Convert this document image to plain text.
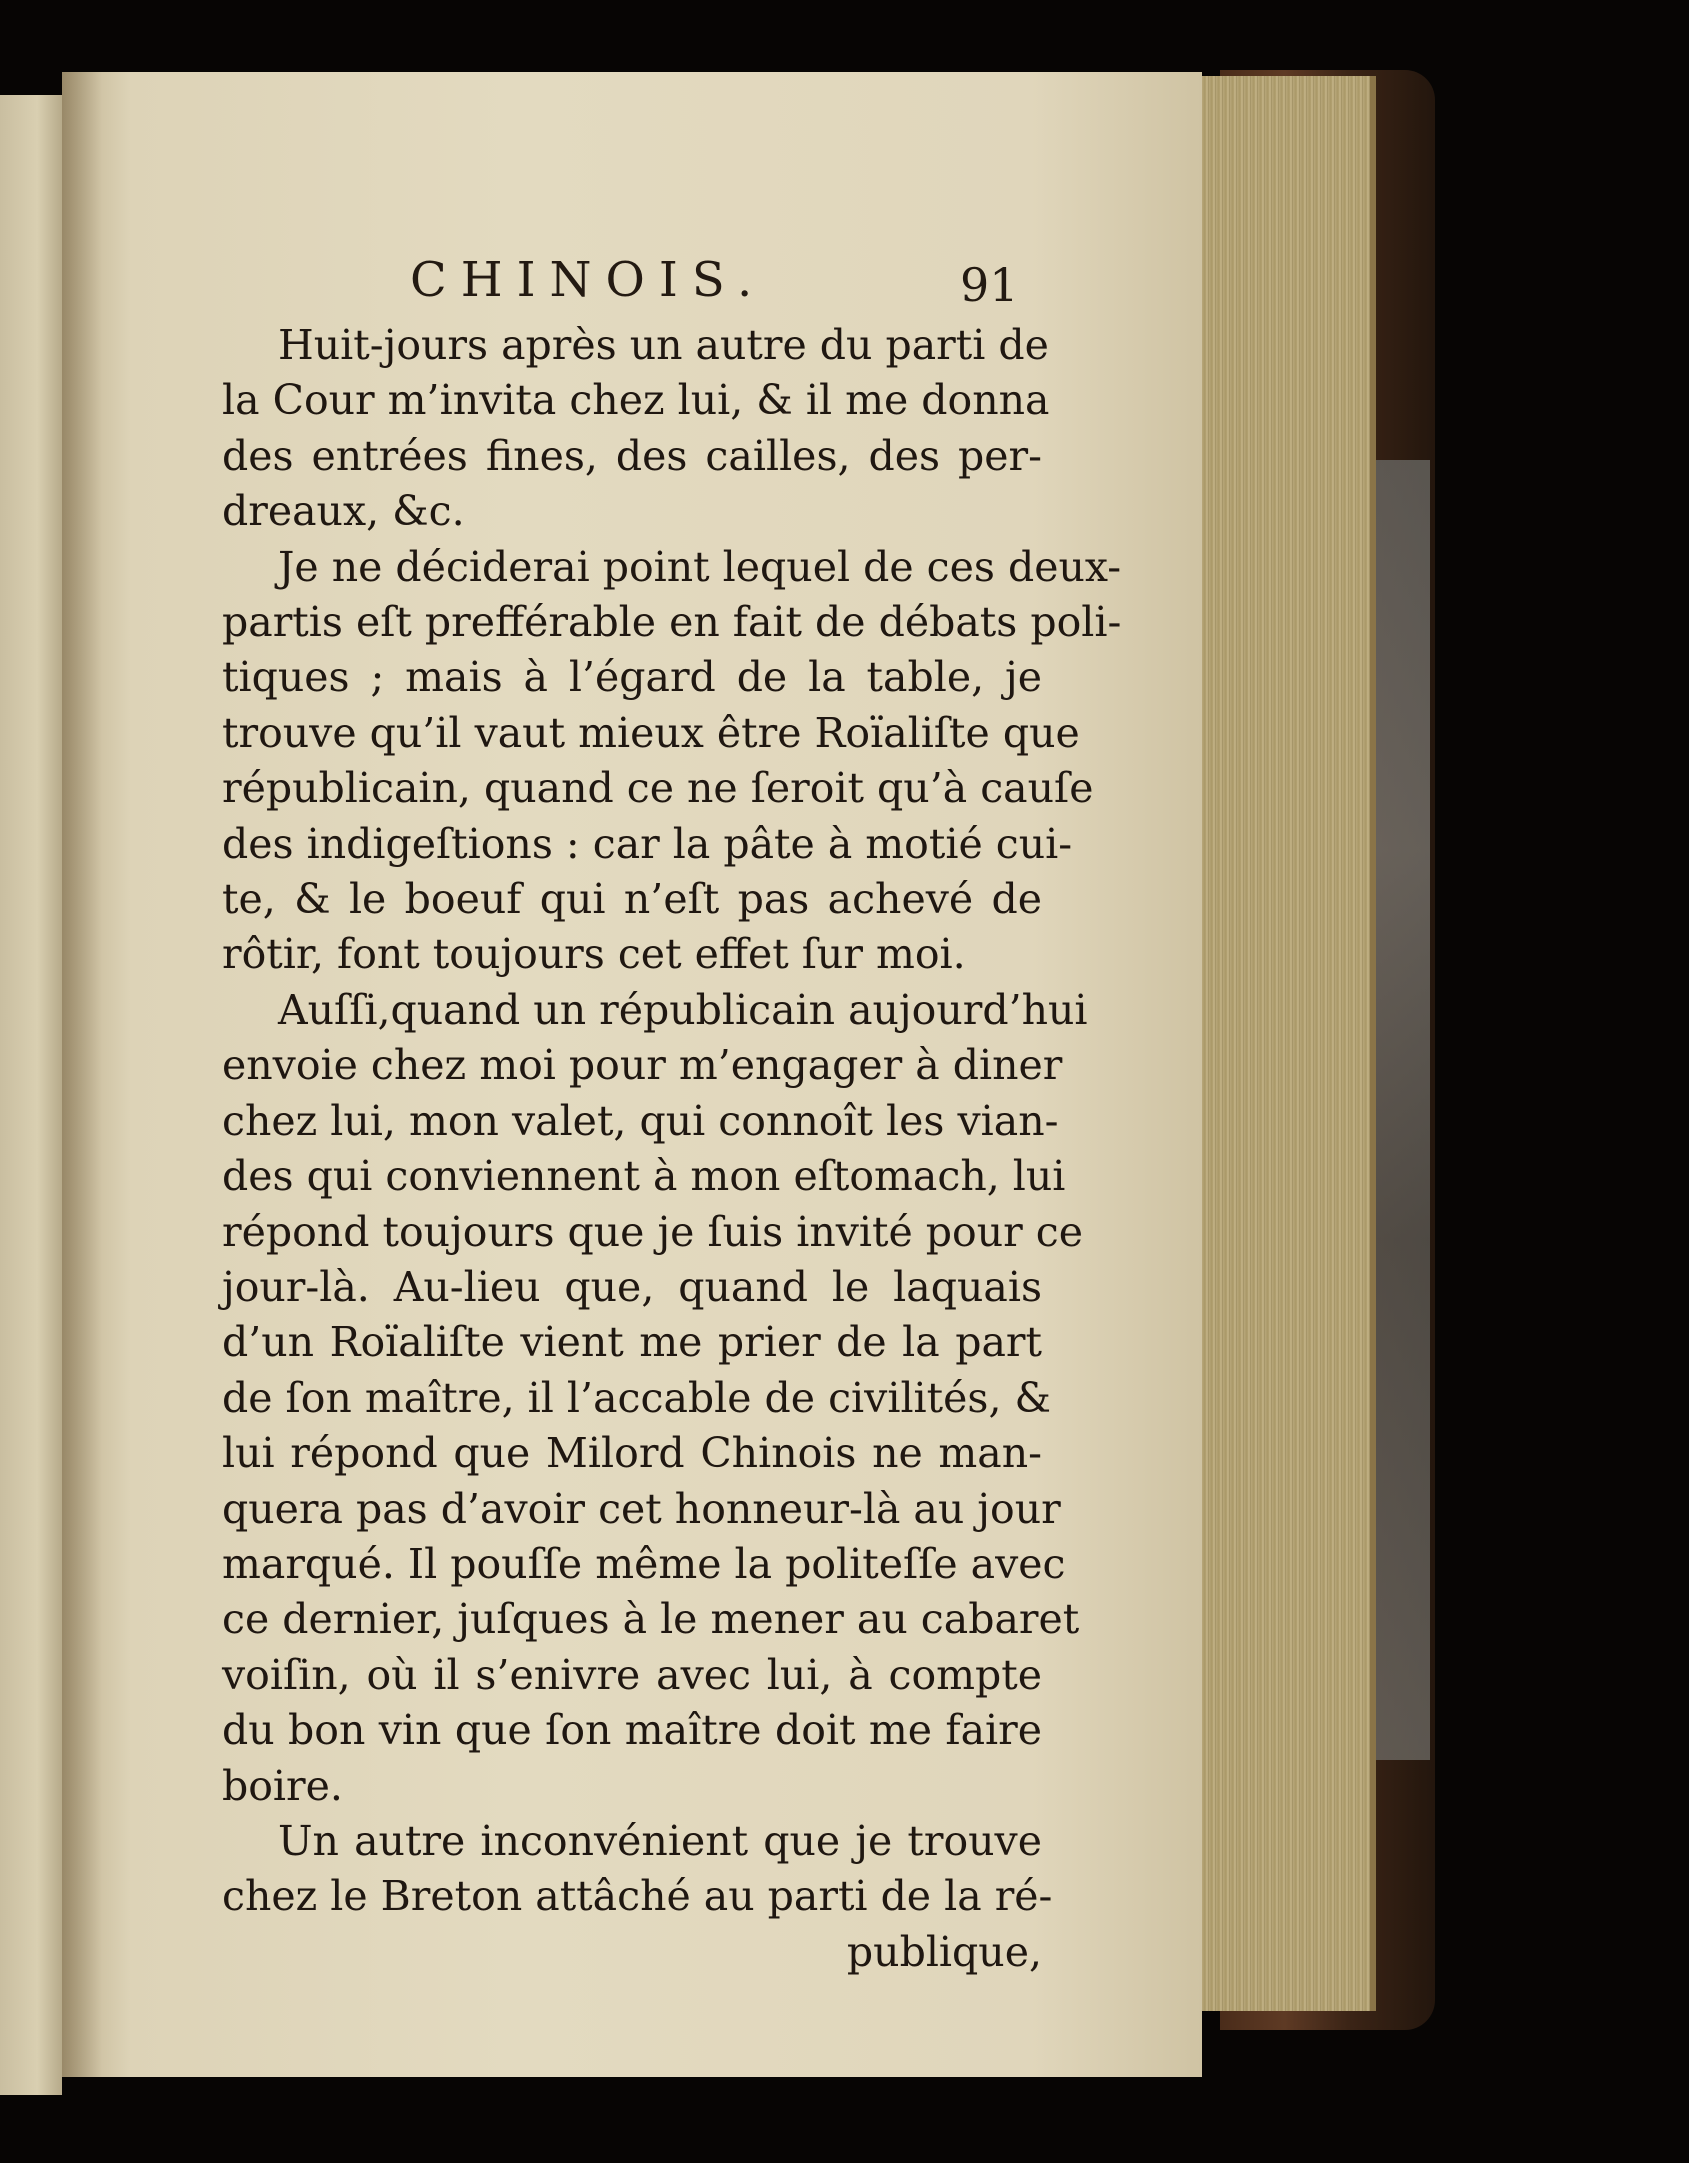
CHINOIS.	91
Huit-jours après un autre du parti de
la Cour m’invita chez lui, & il me donna
des entrées fines, des cailles, des per-
dreaux, &c.
Je ne déciderai point lequel de ces deux-
partis eſt prefférable en fait de débats poli-
tiques ; mais à l’égard de la table, je
trouve qu’il vaut mieux être Roïaliſte que
républicain, quand ce ne ſeroit qu’à cauſe
des indigeſtions : car la pâte à motié cui-
te, & le boeuf qui n’eſt pas achevé de
rôtir, font toujours cet effet ſur moi.
Auſſi,quand un républicain aujourd’hui
envoie chez moi pour m’engager à diner
chez lui, mon valet, qui connoît les vian-
des qui conviennent à mon eſtomach, lui
répond toujours que je ſuis invité pour ce
jour-là. Au-lieu que, quand le laquais
d’un Roïaliſte vient me prier de la part
de ſon maître, il l’accable de civilités, &
lui répond que Milord Chinois ne man-
quera pas d’avoir cet honneur-là au jour
marqué. Il pouſſe même la politeſſe avec
ce dernier, juſques à le mener au cabaret
voiſin, où il s’enivre avec lui, à compte
du bon vin que ſon maître doit me faire
boire.
Un autre inconvénient que je trouve
chez le Breton attâché au parti de la ré-
publique,
